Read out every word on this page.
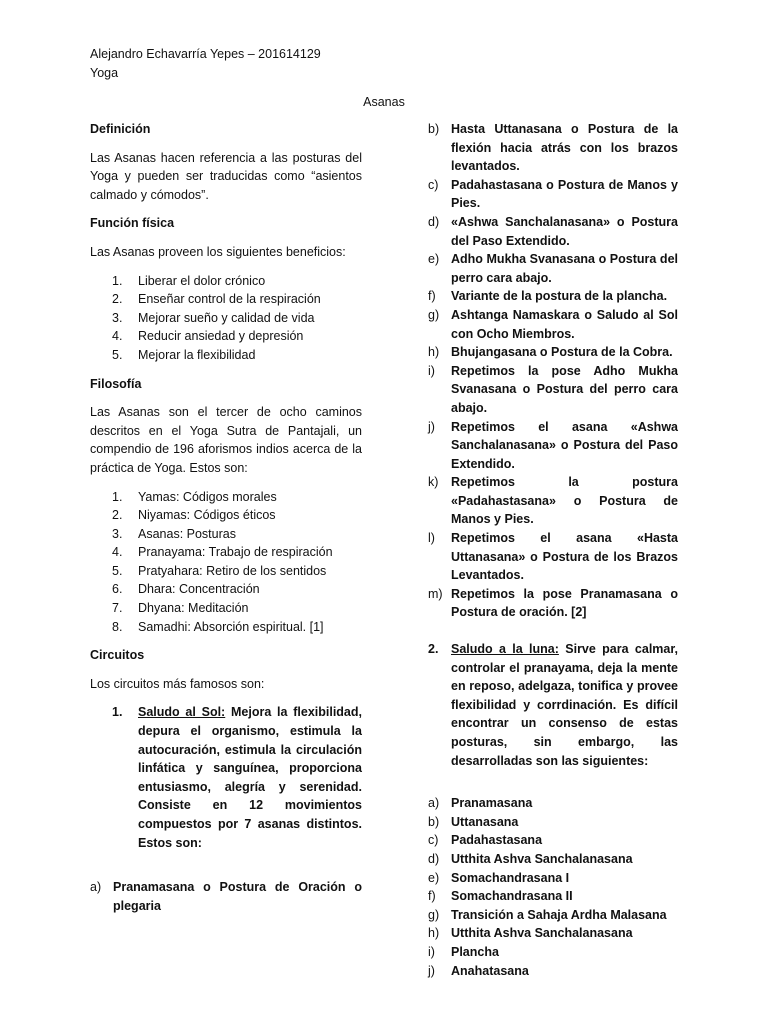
Alejandro Echavarría Yepes – 201614129
Yoga
Asanas
Definición

Las Asanas hacen referencia a las posturas del Yoga y pueden ser traducidas como “asientos calmado y cómodos”.

Función física

Las Asanas proveen los siguientes beneficios:

1. Liberar el dolor crónico
2. Enseñar control de la respiración
3. Mejorar sueño y calidad de vida
4. Reducir ansiedad y depresión
5. Mejorar la flexibilidad
Filosofía

Las Asanas son el tercer de ocho caminos descritos en el Yoga Sutra de Pantajali, un compendio de 196 aforismos indios acerca de la práctica de Yoga. Estos son:

1. Yamas: Códigos morales
2. Niyamas: Códigos éticos
3. Asanas: Posturas
4. Pranayama: Trabajo de respiración
5. Pratyahara: Retiro de los sentidos
6. Dhara: Concentración
7. Dhyana: Meditación
8. Samadhi: Absorción espiritual. [1]
Circuitos

Los circuitos más famosos son:

1. Saludo al Sol: Mejora la flexibilidad, depura el organismo, estimula la autocuración, estimula la circulación linfática y sanguínea, proporciona entusiasmo, alegría y serenidad. Consiste en 12 movimientos compuestos por 7 asanas distintos. Estos son:
a) Pranamasana o Postura de Oración o plegaria
b) Hasta Uttanasana o Postura de la flexión hacia atrás con los brazos levantados.
c) Padahastasana o Postura de Manos y Pies.
d) «Ashwa Sanchalanasana» o Postura del Paso Extendido.
e) Adho Mukha Svanasana o Postura del perro cara abajo.
f) Variante de la postura de la plancha.
g) Ashtanga Namaskara o Saludo al Sol con Ocho Miembros.
h) Bhujangasana o Postura de la Cobra.
i) Repetimos la pose Adho Mukha Svanasana o Postura del perro cara abajo.
j) Repetimos el asana «Ashwa Sanchalanasana» o Postura del Paso Extendido.
k) Repetimos la postura «Padahastasana» o Postura de Manos y Pies.
l) Repetimos el asana «Hasta Uttanasana» o Postura de los Brazos Levantados.
m) Repetimos la pose Pranamasana o Postura de oración. [2]
2. Saludo a la luna: Sirve para calmar, controlar el pranayama, deja la mente en reposo, adelgaza, tonifica y provee flexibilidad y corrdinación. Es difícil encontrar un consenso de estas posturas, sin embargo, las desarrolladas son las siguientes:
a) Pranamasana
b) Uttanasana
c) Padahastasana
d) Utthita Ashva Sanchalanasana
e) Somachandrasana I
f) Somachandrasana II
g) Transición a Sahaja Ardha Malasana
h) Utthita Ashva Sanchalanasana
i) Plancha
j) Anahatasana
